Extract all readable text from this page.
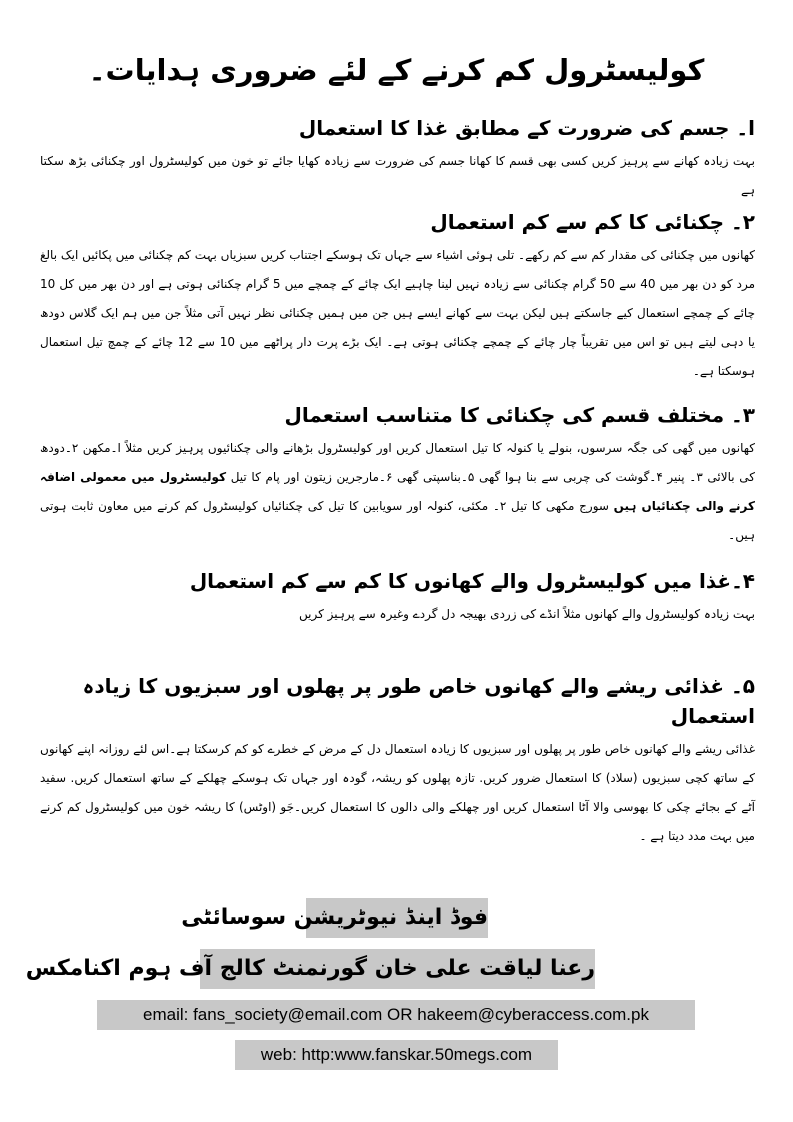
کولیسٹرول کم کرنے کے لئے ضروری ہدایات۔
ا۔ جسم کی ضرورت کے مطابق غذا کا استعمال
بہت زیادہ کھانے سے پرہیز کریں کسی بھی قسم کا کھانا جسم کی ضرورت سے زیادہ کھایا جائے تو خون میں کولیسٹرول اور چکنائی بڑھ سکتا ہے
۲۔ چکنائی کا کم سے کم استعمال
کھانوں میں چکنائی کی مقدار کم سے کم رکھے۔ تلی ہوئی اشیاء سے جہاں تک ہوسکے اجتناب کریں سبزیاں بہت کم چکنائی میں پکائیں ایک بالغ مرد کو دن بھر میں 40 سے 50 گرام چکنائی سے زیادہ نہیں لینا چاہیے ایک چائے کے چمچے میں 5 گرام چکنائی ہوتی ہے اور دن بھر میں کل 10 چائے کے چمچے استعمال کیے جاسکتے ہیں لیکن بہت سے کھانے ایسے ہیں جن میں ہمیں چکنائی نظر نہیں آتی مثلاً جن میں ہم ایک گلاس دودھ یا دہی لیتے ہیں تو اس میں تقریباً چار چائے کے چمچے چکنائی ہوتی ہے۔ ایک بڑے پرت دار پراٹھے میں 10 سے 12 چائے کے چمچ تیل استعمال ہوسکتا ہے۔
۳۔ مختلف قسم کی چکنائی کا متناسب استعمال
کھانوں میں گھی کی جگہ سرسوں، بنولے یا کنولہ کا تیل استعمال کریں اور کولیسٹرول بڑھانے والی چکنائیوں پرہیز کریں مثلاً ا۔مکھن ۲۔دودھ کی بالائی ۳۔ پنیر ۴۔گوشت کی چربی سے بنا ہوا گھی ۵۔بناسپتی گھی ۶۔مارجرین زیتون اور پام کا تیل کولیسٹرول میں معمولی اضافہ کرنے والی چکنائیاں ہیں سورج مکھی کا تیل ۲۔ مکئی، کنولہ اور سویابین کا تیل کی چکنائیاں کولیسٹرول کم کرنے میں معاون ثابت ہوتی ہیں۔
۴۔غذا میں کولیسٹرول والے کھانوں کا کم سے کم استعمال
بہت زیادہ کولیسٹرول والے کھانوں مثلاً انڈے کی زردی بھیجہ دل گردے وغیرہ سے پرہیز کریں
۵۔ غذائی ریشے والے کھانوں خاص طور پر پھلوں اور سبزیوں کا زیادہ استعمال
غذائی ریشے والے کھانوں خاص طور پر پھلوں اور سبزیوں کا زیادہ استعمال دل کے مرض کے خطرے کو کم کرسکتا ہے۔اس لئے روزانہ اپنے کھانوں کے ساتھ کچی سبزیوں (سلاد) کا استعمال ضرور کریں. تازہ پھلوں کو ریشہ، گودہ اور جہاں تک ہوسکے چھلکے کے ساتھ استعمال کریں. سفید آٹے کے بجائے چکی کا بھوسی والا آٹا استعمال کریں اور چھلکے والی دالوں کا استعمال کریں۔جَو (اوٹس) کا ریشہ خون میں کولیسٹرول کم کرنے میں بہت مدد دیتا ہے ۔
فوڈ اینڈ نیوٹریشن سوسائٹی
رعنا لیاقت علی خان گورنمنٹ کالج آف ہوم اکنامکس
email: fans_society@email.com OR hakeem@cyberaccess.com.pk
web: http:www.fanskar.50megs.com
